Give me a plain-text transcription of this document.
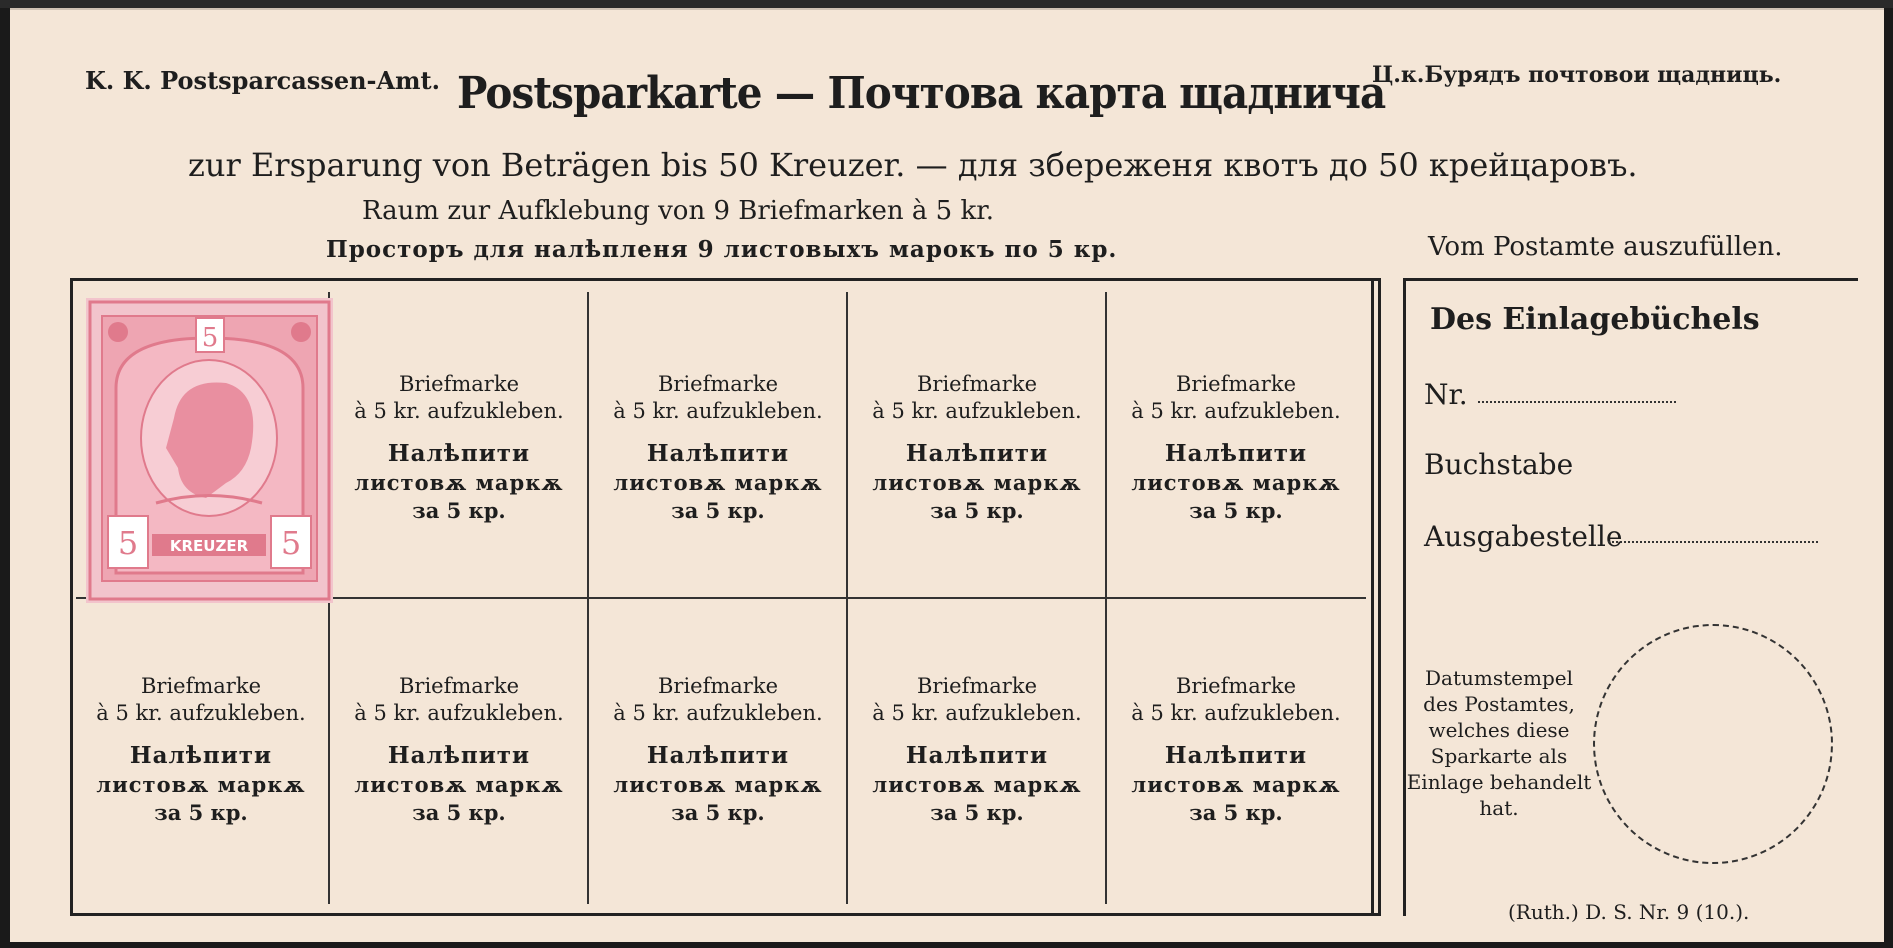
K. K. Postsparcassen-Amt. Postsparkarte — Почтова карта щаднича
Ц.к.Бурядъ почтовои щадниць.
zur Ersparung von Beträgen bis 50 Kreuzer. — для збереженя квотъ до 50 крейцаровъ.
Raum zur Aufklebung von 9 Briefmarken à 5 kr.
Просторъ для налѣпленя 9 листовыхъ марокъ по 5 кр.	Vom Postamte auszufüllen.
5
5	5
KREUZER
Briefmarke
à 5 kr. aufzukleben.
Налѣпити
листовѫ маркѫ
за 5 кр.
Briefmarke
à 5 kr. aufzukleben.
Налѣпити
листовѫ маркѫ
за 5 кр.
Briefmarke
à 5 kr. aufzukleben.
Налѣпити
листовѫ маркѫ
за 5 кр.
Briefmarke
à 5 kr. aufzukleben.
Налѣпити
листовѫ маркѫ
за 5 кр.
Briefmarke
à 5 kr. aufzukleben.
Налѣпити
листовѫ маркѫ
за 5 кр.
Briefmarke
à 5 kr. aufzukleben.
Налѣпити
листовѫ маркѫ
за 5 кр.
Briefmarke
à 5 kr. aufzukleben.
Налѣпити
листовѫ маркѫ
за 5 кр.
Briefmarke
à 5 kr. aufzukleben.
Налѣпити
листовѫ маркѫ
за 5 кр.
Briefmarke
à 5 kr. aufzukleben.
Налѣпити
листовѫ маркѫ
за 5 кр.
Des Einlagebüchels
Nr.
Buchstabe
Ausgabestelle
Datumstempel des Postamtes, welches diese Sparkarte als Einlage behandelt hat.
(Ruth.) D. S. Nr. 9 (10.).
